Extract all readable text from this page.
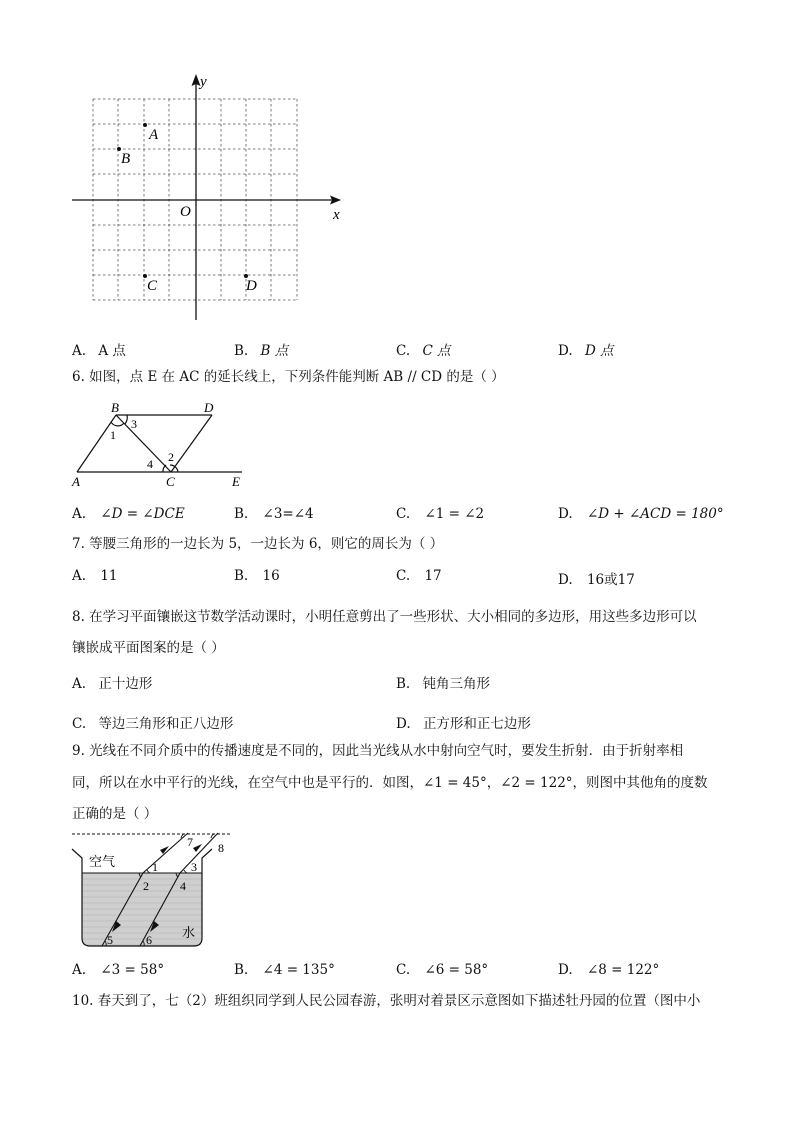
x
y
O
A
B
C	D
A. A 点	B. B 点	C. C 点	D. D 点
6. 如图，点 E 在 AC 的延长线上，下列条件能判断 AB // CD 的是（ ）
B	D
1
3
2
4
A	C	E
A. ∠D = ∠DCE	B. ∠3=∠4	C. ∠1 = ∠2	D. ∠D + ∠ACD = 180°
7. 等腰三角形的一边长为 5，一边长为 6，则它的周长为（ ）
A. 11	B. 16	C. 17	D. 16或17
8. 在学习平面镶嵌这节数学活动课时，小明任意剪出了一些形状、大小相同的多边形，用这些多边形可以
镶嵌成平面图案的是（ ）
A. 正十边形	B. 钝角三角形
C. 等边三角形和正八边形	D. 正方形和正七边形
9. 光线在不同介质中的传播速度是不同的，因此当光线从水中射向空气时，要发生折射．由于折射率相
同，所以在水中平行的光线，在空气中也是平行的．如图，∠1 = 45°，∠2 = 122°，则图中其他角的度数
正确的是（ ）
空气
水
7 8
1	3
2	4
5	6
A. ∠3 = 58°	B. ∠4 = 135°	C. ∠6 = 58°	D. ∠8 = 122°
10. 春天到了，七（2）班组织同学到人民公园春游，张明对着景区示意图如下描述牡丹园的位置（图中小
